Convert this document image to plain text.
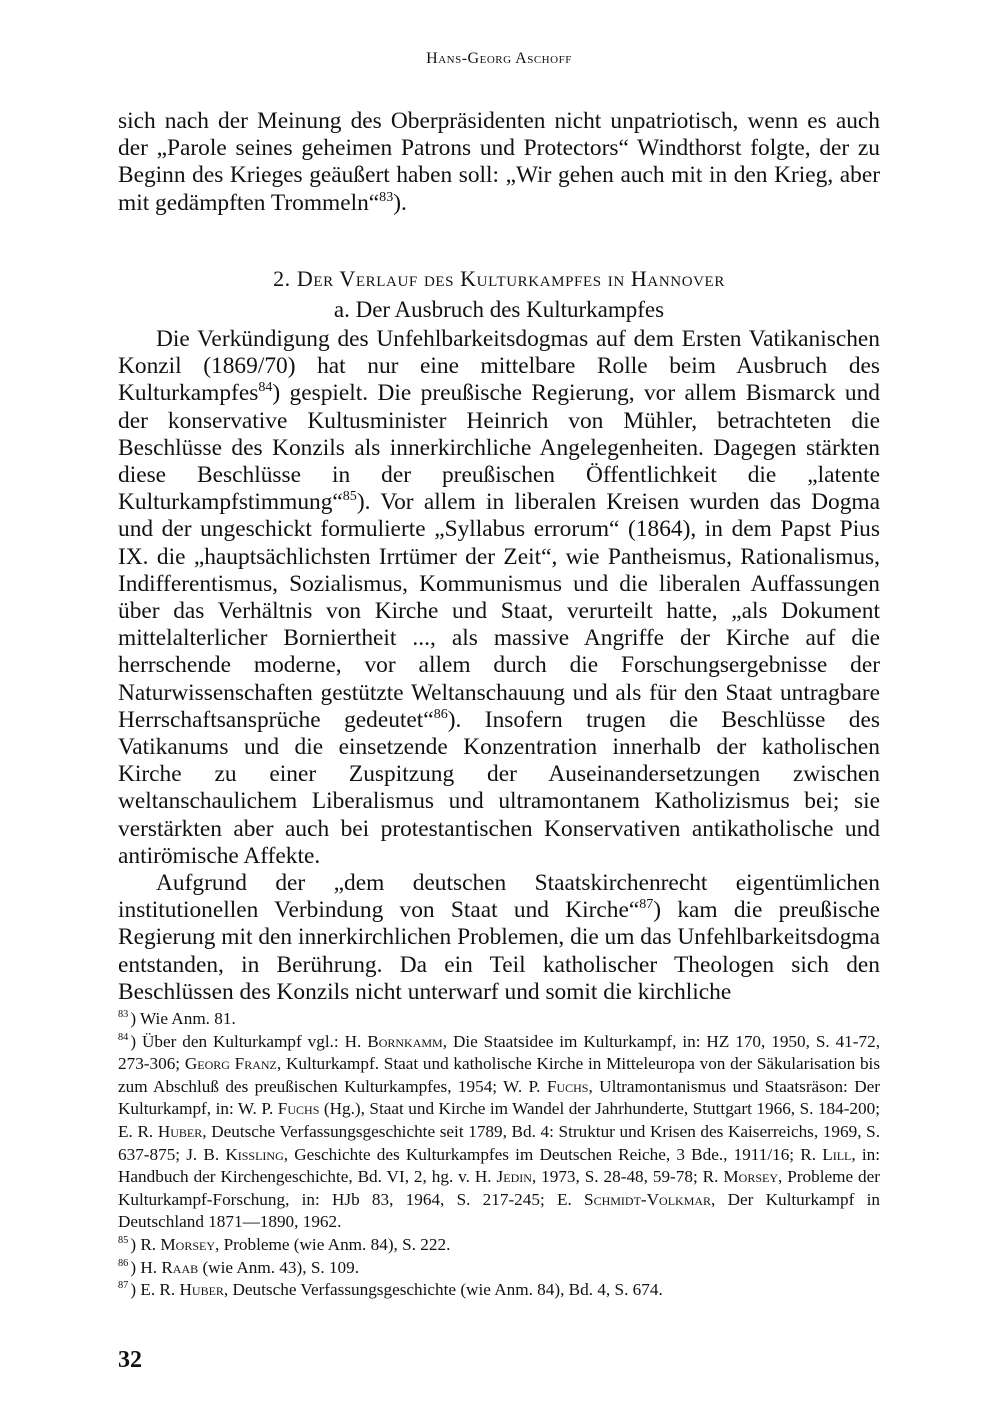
Hans-Georg Aschoff

sich nach der Meinung des Oberpräsidenten nicht unpatriotisch, wenn es auch der „Parole seines geheimen Patrons und Protectors“ Windthorst folgte, der zu Beginn des Krieges geäußert haben soll: „Wir gehen auch mit in den Krieg, aber mit gedämpften Trommeln“$^{83}$).

2. Der Verlauf des Kulturkampfes in Hannover
a. Der Ausbruch des Kulturkampfes

Die Verkündigung des Unfehlbarkeitsdogmas auf dem Ersten Vatikanischen Konzil (1869/70) hat nur eine mittelbare Rolle beim Ausbruch des Kulturkampfes$^{84}$) gespielt. Die preußische Regierung, vor allem Bismarck und der konservative Kultusminister Heinrich von Mühler, betrachteten die Beschlüsse des Konzils als innerkirchliche Angelegenheiten. Dagegen stärkten diese Beschlüsse in der preußischen Öffentlichkeit die „latente Kulturkampfstimmung“$^{85}$). Vor allem in liberalen Kreisen wurden das Dogma und der ungeschickt formulierte „Syllabus errorum“ (1864), in dem Papst Pius IX. die „hauptsächlichsten Irrtümer der Zeit“, wie Pantheismus, Rationalismus, Indifferentismus, Sozialismus, Kommunismus und die liberalen Auffassungen über das Verhältnis von Kirche und Staat, verurteilt hatte, „als Dokument mittelalterlicher Borniertheit ..., als massive Angriffe der Kirche auf die herrschende moderne, vor allem durch die Forschungsergebnisse der Naturwissenschaften gestützte Weltanschauung und als für den Staat untragbare Herrschaftsansprüche gedeutet“$^{86}$). Insofern trugen die Beschlüsse des Vatikanums und die einsetzende Konzentration innerhalb der katholischen Kirche zu einer Zuspitzung der Auseinandersetzungen zwischen weltanschaulichem Liberalismus und ultramontanem Katholizismus bei; sie verstärkten aber auch bei protestantischen Konservativen antikatholische und antirömische Affekte.

Aufgrund der „dem deutschen Staatskirchenrecht eigentümlichen institutionellen Verbindung von Staat und Kirche“$^{87}$) kam die preußische Regierung mit den innerkirchlichen Problemen, die um das Unfehlbarkeitsdogma entstanden, in Berührung. Da ein Teil katholischer Theologen sich den Beschlüssen des Konzils nicht unterwarf und somit die kirchliche

$^{83}$ ) Wie Anm. 81.

$^{84}$ ) Über den Kulturkampf vgl.: H. Bornkamm, Die Staatsidee im Kulturkampf, in: HZ 170, 1950, S. 41-72, 273-306; Georg Franz, Kulturkampf. Staat und katholische Kirche in Mitteleuropa von der Säkularisation bis zum Abschluß des preußischen Kulturkampfes, 1954; W. P. Fuchs, Ultramontanismus und Staatsräson: Der Kulturkampf, in: W. P. Fuchs (Hg.), Staat und Kirche im Wandel der Jahrhunderte, Stuttgart 1966, S. 184-200; E. R. Huber, Deutsche Verfassungsgeschichte seit 1789, Bd. 4: Struktur und Krisen des Kaiserreichs, 1969, S. 637-875; J. B. Kissling, Geschichte des Kulturkampfes im Deutschen Reiche, 3 Bde., 1911/16; R. Lill, in: Handbuch der Kirchengeschichte, Bd. VI, 2, hg. v. H. Jedin, 1973, S. 28-48, 59-78; R. Morsey, Probleme der Kulturkampf-Forschung, in: HJb 83, 1964, S. 217-245; E. Schmidt-Volkmar, Der Kulturkampf in Deutschland 1871—1890, 1962.

$^{85}$ ) R. Morsey, Probleme (wie Anm. 84), S. 222.

$^{86}$ ) H. Raab (wie Anm. 43), S. 109.

$^{87}$ ) E. R. Huber, Deutsche Verfassungsgeschichte (wie Anm. 84), Bd. 4, S. 674.

32
